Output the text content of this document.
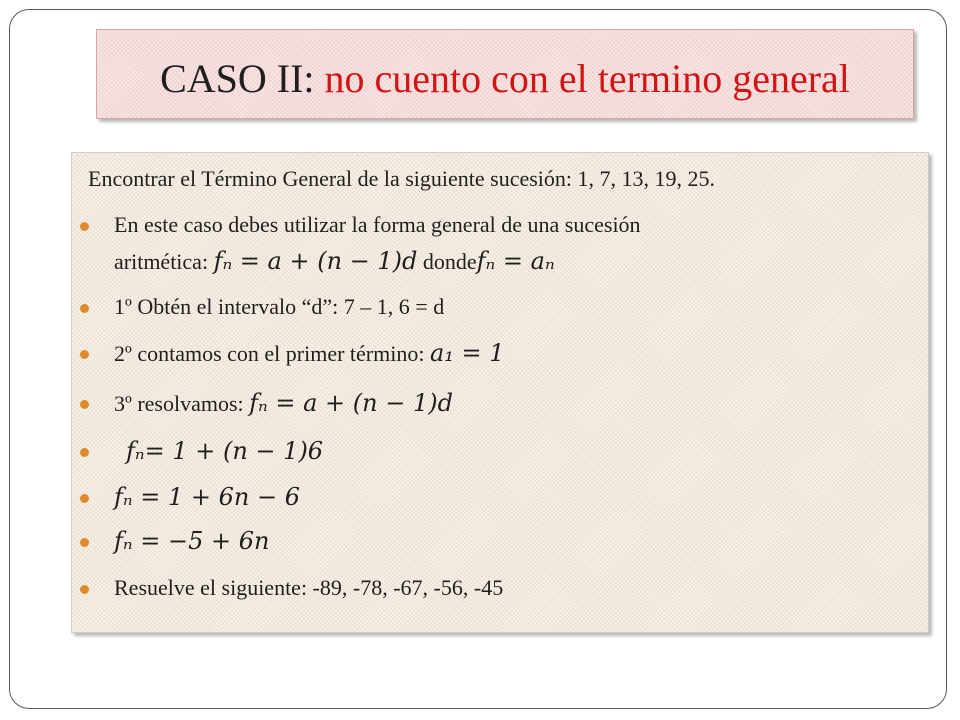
CASO II: no cuento con el termino general
Encontrar el Término General de la siguiente sucesión: 1, 7, 13, 19, 25.
En este caso debes utilizar la forma general de una sucesión
aritmética: fₙ = a + (n − 1)d dondefₙ = aₙ
1º Obtén el intervalo “d”: 7 – 1, 6 = d
2º contamos con el primer término: a₁ = 1
3º resolvamos: fₙ = a + (n − 1)d
fₙ= 1 + (n − 1)6
fₙ = 1 + 6n − 6
fₙ = −5 + 6n
Resuelve el siguiente: -89, -78, -67, -56, -45
